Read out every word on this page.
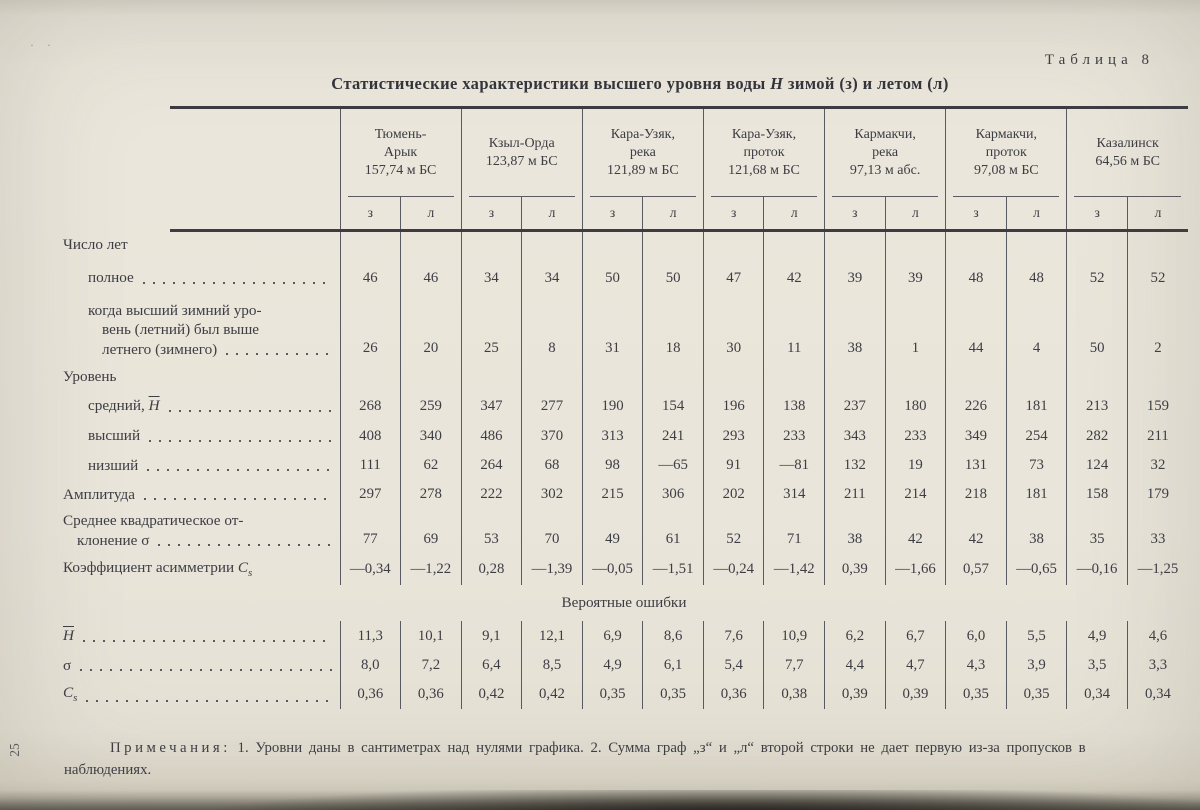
· ·
Таблица 8
Статистические характеристики высшего уровня воды H зимой (з) и летом (л)

	Тюмень-
Арык
157,74 м БС		Кзыл-Орда
123,87 м БС		Кара-Узяк,
река
121,89 м БС		Кара-Узяк,
проток
121,68 м БС		Кармакчи,
река
97,13 м абс.		Кармакчи,
проток
97,08 м БС		Казалинск
64,56 м БС	

	з	л	з	л	з	л	з	л	з	л	з	л	з	л

Число лет														

полное	46	46	34	34	50	50	47	42	39	39	48	48	52	52

когда высший зимний уро-
вень (летний) был выше
летнего (зимнего)	26	20	25	8	31	18	30	11	38	1	44	4	50	2

Уровень														

средний, $\overline{H}$	268	259	347	277	190	154	196	138	237	180	226	181	213	159

высший	408	340	486	370	313	241	293	233	343	233	349	254	282	211

низший	111	62	264	68	98	—65	91	—81	132	19	131	73	124	32

Амплитуда	297	278	222	302	215	306	202	314	211	214	218	181	158	179

Среднее квадратическое от-
клонение σ	77	69	53	70	49	61	52	71	38	42	42	38	35	33

Коэффициент асимметрии $C_s$	—0,34	—1,22	0,28	—1,39	—0,05	—1,51	—0,24	—1,42	0,39	—1,66	0,57	—0,65	—0,16	—1,25
Вероятные ошибки														

$\overline{H}$	11,3	10,1	9,1	12,1	6,9	8,6	7,6	10,9	6,2	6,7	6,0	5,5	4,9	4,6

σ	8,0	7,2	6,4	8,5	4,9	6,1	5,4	7,7	4,4	4,7	4,3	3,9	3,5	3,3

$C_s$	0,36	0,36	0,42	0,42	0,35	0,35	0,36	0,38	0,39	0,39	0,35	0,35	0,34	0,34
Примечания: 1. Уровни даны в сантиметрах над нулями графика. 2. Сумма граф „з“ и „л“ второй строки не дает первую из-за пропусков в наблюдениях.
25
